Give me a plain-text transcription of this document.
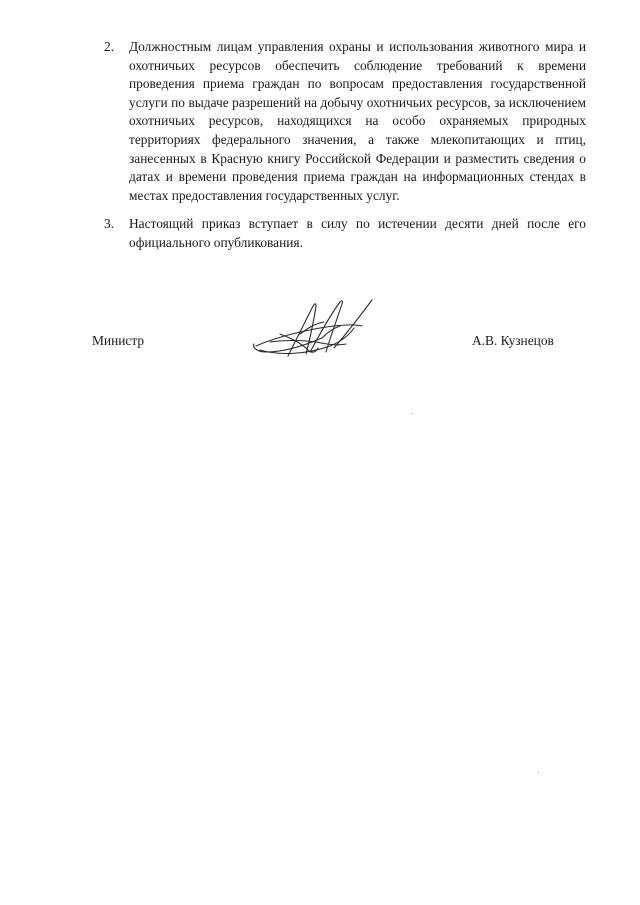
2.	Должностным лицам управления охраны и использования животного мира и охотничьих ресурсов обеспечить соблюдение требований к времени проведения приема граждан по вопросам предоставления государственной услуги по выдаче разрешений на добычу охотничьих ресурсов, за исключением охотничьих ресурсов, находящихся на особо охраняемых природных территориях федерального значения, а также млекопитающих и птиц, занесенных в Красную книгу Российской Федерации и разместить сведения о датах и времени проведения приема граждан на информационных стендах в местах предоставления государственных услуг.
3.	Настоящий приказ вступает в силу по истечении десяти дней после его официального опубликования.
Министр	А.В. Кузнецов
